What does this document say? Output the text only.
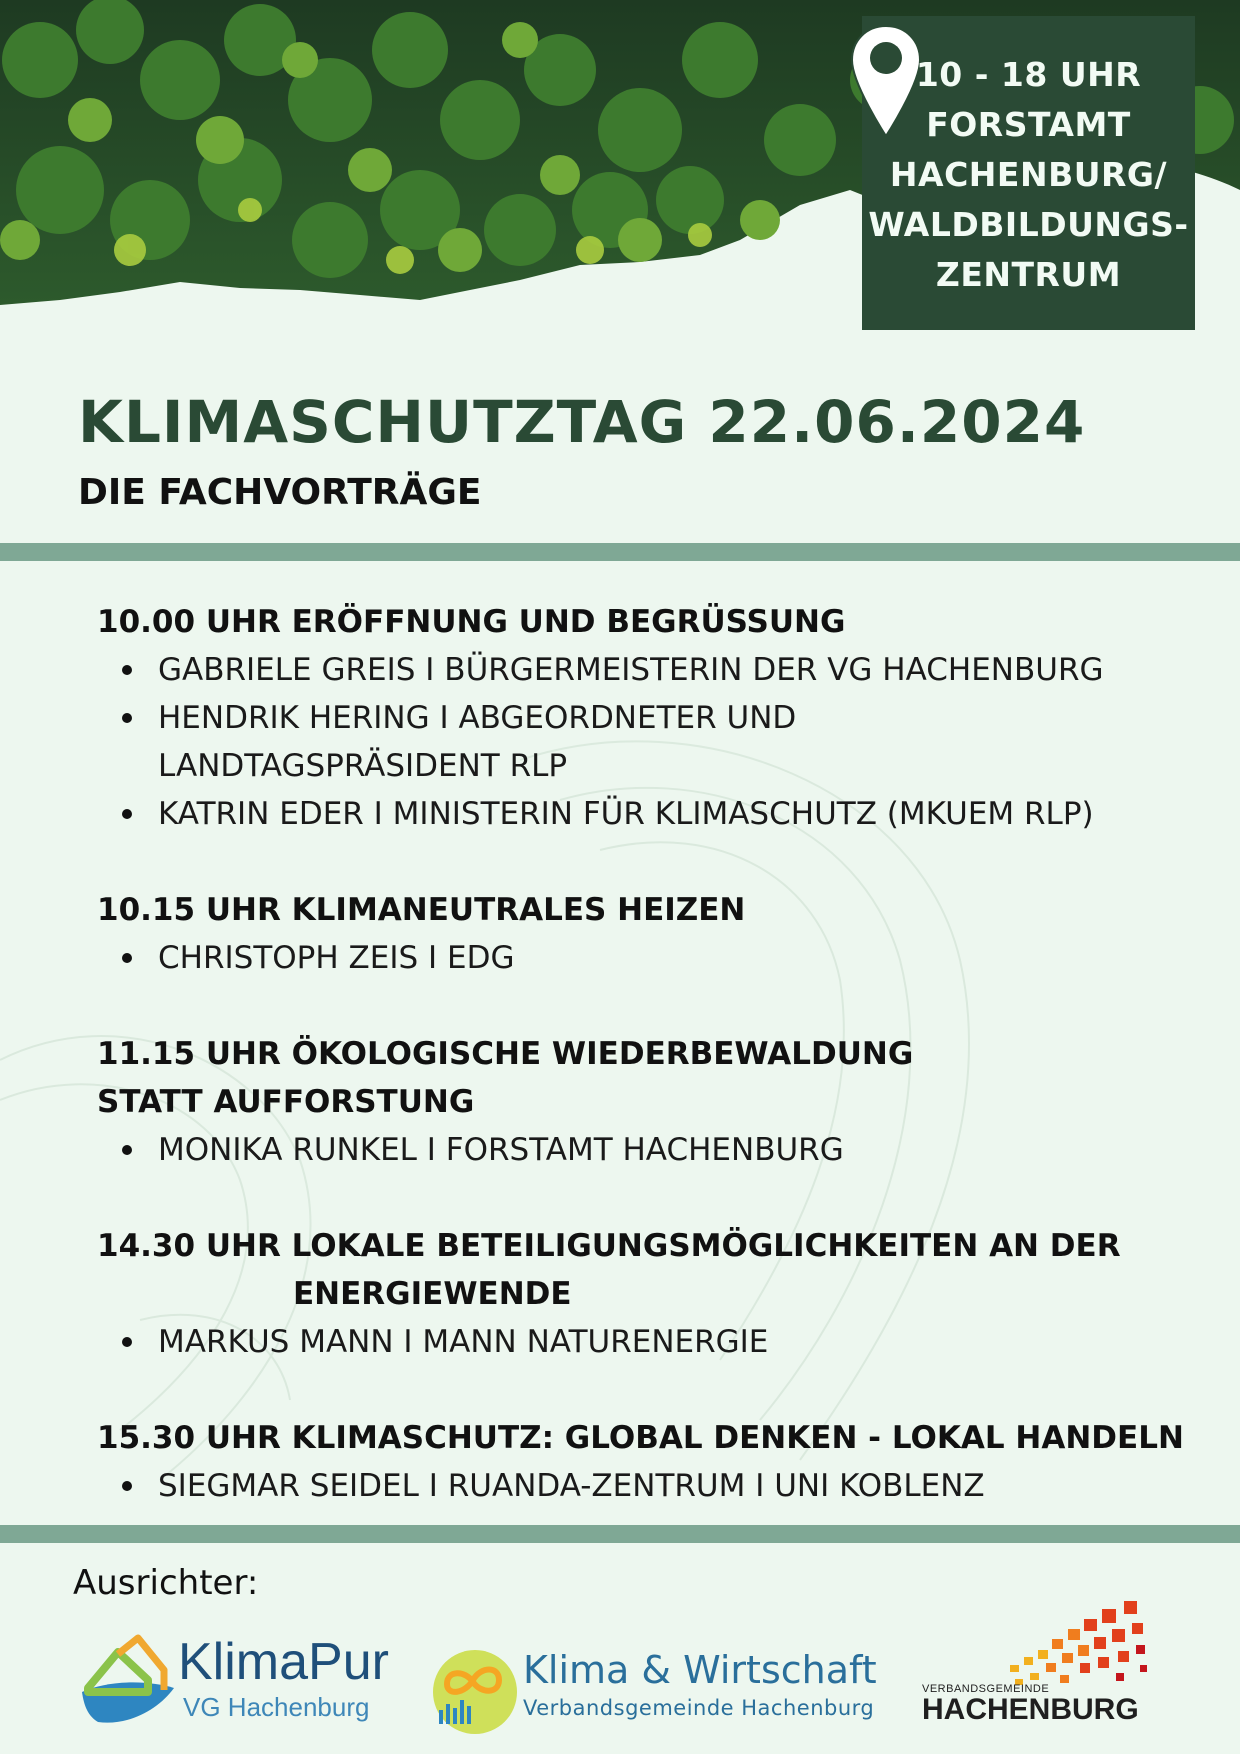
10 - 18 UHR
FORSTAMT
HACHENBURG/
WALDBILDUNGS-
ZENTRUM
KLIMASCHUTZTAG 22.06.2024
DIE FACHVORTRÄGE

10.00 UHR ERÖFFNUNG UND BEGRÜSSUNG

GABRIELE GREIS I BÜRGERMEISTERIN DER VG HACHENBURG
HENDRIK HERING I ABGEORDNETER UND LANDTAGSPRÄSIDENT RLP
KATRIN EDER I MINISTERIN FÜR KLIMASCHUTZ (MKUEM RLP)

10.15 UHR KLIMANEUTRALES HEIZEN

CHRISTOPH ZEIS I EDG

11.15 UHR ÖKOLOGISCHE WIEDERBEWALDUNG STATT AUFFORSTUNG

MONIKA RUNKEL I FORSTAMT HACHENBURG

14.30 UHR LOKALE BETEILIGUNGSMÖGLICHKEITEN AN DER
ENERGIEWENDE

MARKUS MANN I MANN NATURENERGIE

15.30 UHR KLIMASCHUTZ: GLOBAL DENKEN - LOKAL HANDELN

SIEGMAR SEIDEL I RUANDA-ZENTRUM I UNI KOBLENZ
Ausrichter:
KlimaPur
VG Hachenburg
Klima & Wirtschaft
Verbandsgemeinde Hachenburg
VERBANDSGEMEINDE
HACHENBURG
